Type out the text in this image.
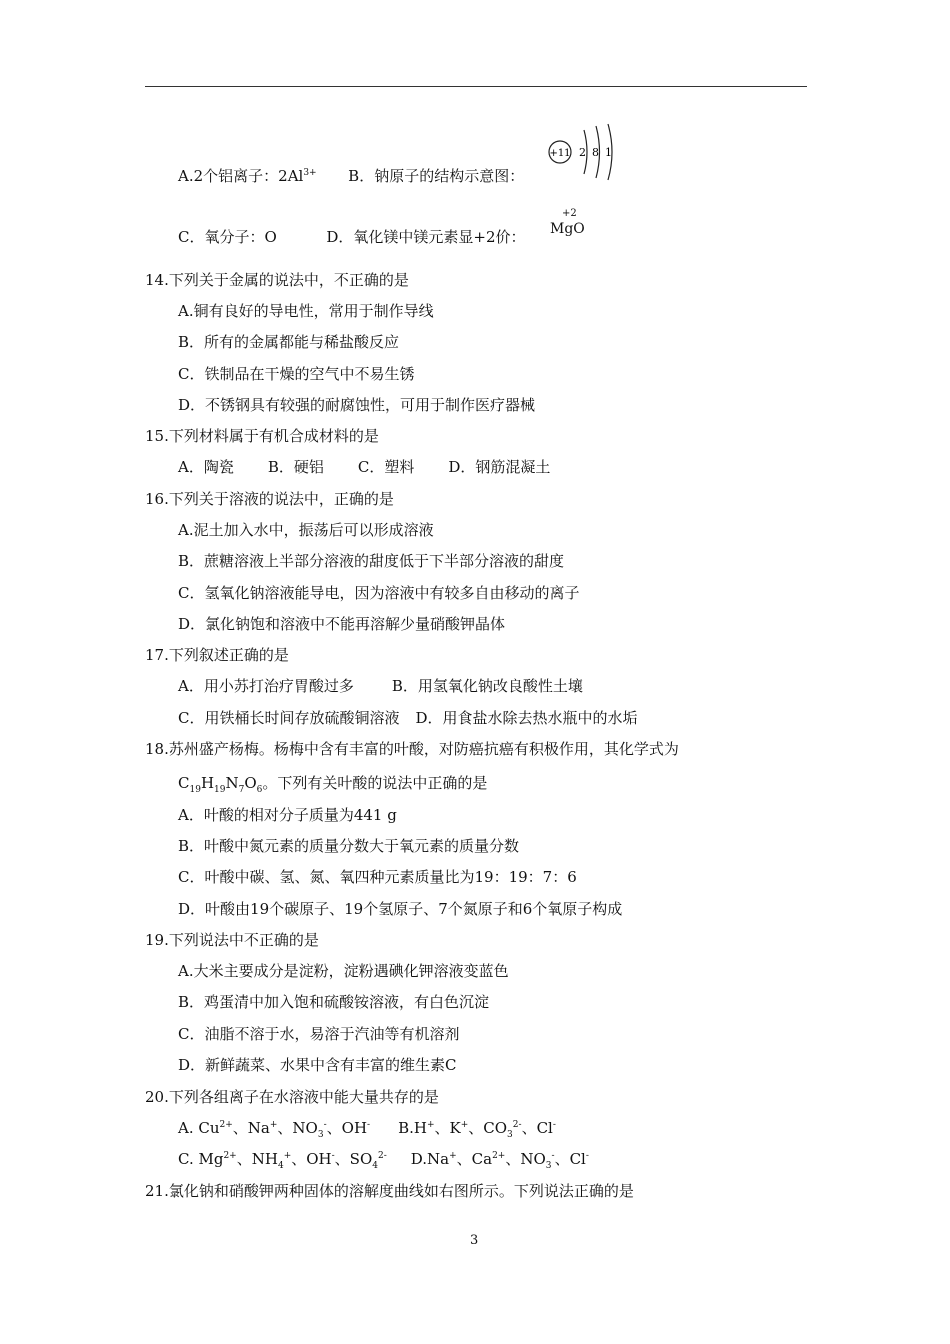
A.2个铝离子：$2Al^{3+}$ B．钠原子的结构示意图：
+11 2 8 1
C．氧分子：O	D．氧化镁中镁元素显+2价：
+2
MgO
14.下列关于金属的说法中，不正确的是
A.铜有良好的导电性，常用于制作导线
B．所有的金属都能与稀盐酸反应
C．铁制品在干燥的空气中不易生锈
D．不锈钢具有较强的耐腐蚀性，可用于制作医疗器械
15.下列材料属于有机合成材料的是
A．陶瓷 B．硬铝 C．塑料 D．钢筋混凝土
16.下列关于溶液的说法中，正确的是
A.泥土加入水中，振荡后可以形成溶液
B．蔗糖溶液上半部分溶液的甜度低于下半部分溶液的甜度
C．氢氧化钠溶液能导电，因为溶液中有较多自由移动的离子
D．氯化钠饱和溶液中不能再溶解少量硝酸钾晶体
17.下列叙述正确的是
A．用小苏打治疗胃酸过多	B．用氢氧化钠改良酸性土壤
C．用铁桶长时间存放硫酸铜溶液 D．用食盐水除去热水瓶中的水垢
18.苏州盛产杨梅。杨梅中含有丰富的叶酸，对防癌抗癌有积极作用，其化学式为
$C_{19}H_{19}N_7O_6$。下列有关叶酸的说法中正确的是
A．叶酸的相对分子质量为441 g
B．叶酸中氮元素的质量分数大于氧元素的质量分数
C．叶酸中碳、氢、氮、氧四种元素质量比为19：19：7：6
D．叶酸由19个碳原子、19个氢原子、7个氮原子和6个氧原子构成
19.下列说法中不正确的是
A.大米主要成分是淀粉，淀粉遇碘化钾溶液变蓝色
B．鸡蛋清中加入饱和硫酸铵溶液，有白色沉淀
C．油脂不溶于水，易溶于汽油等有机溶剂
D．新鲜蔬菜、水果中含有丰富的维生素C
20.下列各组离子在水溶液中能大量共存的是
A. $Cu^{2+}$、Na+、$NO_3^-$、OH- B.H+、K+、$CO_3^{2-}$、Cl-
C. $Mg^{2+}$、$NH_4^+$、OH-、$SO_4^{2-}$ D.Na+、$Ca^{2+}$、$NO_3^-$、Cl-
21.氯化钠和硝酸钾两种固体的溶解度曲线如右图所示。下列说法正确的是
3
